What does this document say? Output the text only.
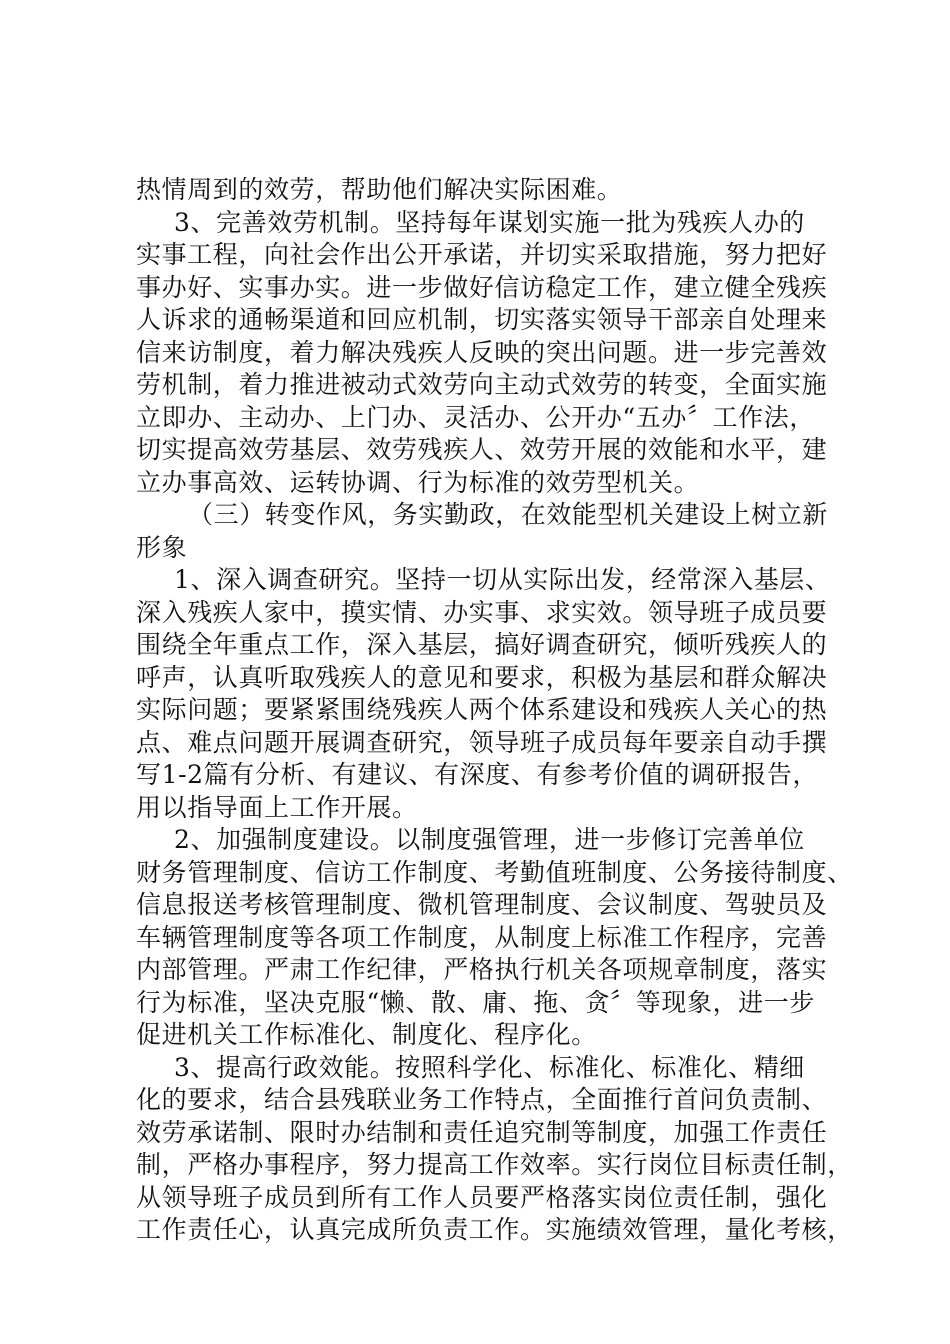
热情周到的效劳，帮助他们解决实际困难。
3、完善效劳机制。坚持每年谋划实施一批为残疾人办的
实事工程，向社会作出公开承诺，并切实采取措施，努力把好
事办好、实事办实。进一步做好信访稳定工作，建立健全残疾
人诉求的通畅渠道和回应机制，切实落实领导干部亲自处理来
信来访制度，着力解决残疾人反映的突出问题。进一步完善效
劳机制，着力推进被动式效劳向主动式效劳的转变，全面实施
立即办、主动办、上门办、灵活办、公开办“五办〞工作法，
切实提高效劳基层、效劳残疾人、效劳开展的效能和水平，建
立办事高效、运转协调、行为标准的效劳型机关。
（三）转变作风，务实勤政，在效能型机关建设上树立新
形象
1、深入调查研究。坚持一切从实际出发，经常深入基层、
深入残疾人家中，摸实情、办实事、求实效。领导班子成员要
围绕全年重点工作，深入基层，搞好调查研究，倾听残疾人的
呼声，认真听取残疾人的意见和要求，积极为基层和群众解决
实际问题；要紧紧围绕残疾人两个体系建设和残疾人关心的热
点、难点问题开展调查研究，领导班子成员每年要亲自动手撰
写1-2篇有分析、有建议、有深度、有参考价值的调研报告，
用以指导面上工作开展。
2、加强制度建设。以制度强管理，进一步修订完善单位
财务管理制度、信访工作制度、考勤值班制度、公务接待制度、
信息报送考核管理制度、微机管理制度、会议制度、驾驶员及
车辆管理制度等各项工作制度，从制度上标准工作程序，完善
内部管理。严肃工作纪律，严格执行机关各项规章制度，落实
行为标准，坚决克服“懒、散、庸、拖、贪〞等现象，进一步
促进机关工作标准化、制度化、程序化。
3、提高行政效能。按照科学化、标准化、标准化、精细
化的要求，结合县残联业务工作特点，全面推行首问负责制、
效劳承诺制、限时办结制和责任追究制等制度，加强工作责任
制，严格办事程序，努力提高工作效率。实行岗位目标责任制，
从领导班子成员到所有工作人员要严格落实岗位责任制，强化
工作责任心，认真完成所负责工作。实施绩效管理，量化考核，
